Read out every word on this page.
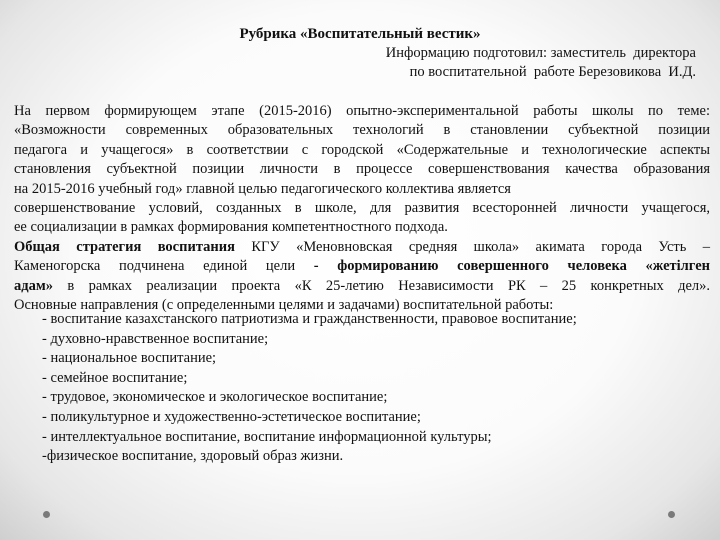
Рубрика «Воспитательный вестик»
Информацию подготовил: заместитель  директора
по воспитательной  работе Березовикова  И.Д.
На первом формирующем этапе (2015-2016) опытно-экспериментальной работы школы по теме:
«Возможности современных образовательных технологий в становлении субъектной позиции
педагога и учащегося» в соответствии с городской «Содержательные и технологические аспекты
становления субъектной позиции личности в процессе совершенствования качества образования
на 2015-2016 учебный год» главной целью педагогического коллектива является
совершенствование условий, созданных в школе, для развития всесторонней личности учащегося,
ее социализации в рамках формирования компетентностного подхода.
Общая стратегия воспитания КГУ «Меновновская средняя школа» акимата города Усть –
Каменогорска подчинена единой цели - формированию совершенного человека «жетілген
адам» в рамках реализации проекта «К 25-летию Независимости РК – 25 конкретных дел».
Основные направления (с определенными целями и задачами) воспитательной работы:
- воспитание казахстанского патриотизма и гражданственности, правовое воспитание;
- духовно-нравственное воспитание;
- национальное воспитание;
- семейное воспитание;
- трудовое, экономическое и экологическое воспитание;
- поликультурное и художественно-эстетическое воспитание;
- интеллектуальное воспитание, воспитание информационной культуры;
-физическое воспитание, здоровый образ жизни.
